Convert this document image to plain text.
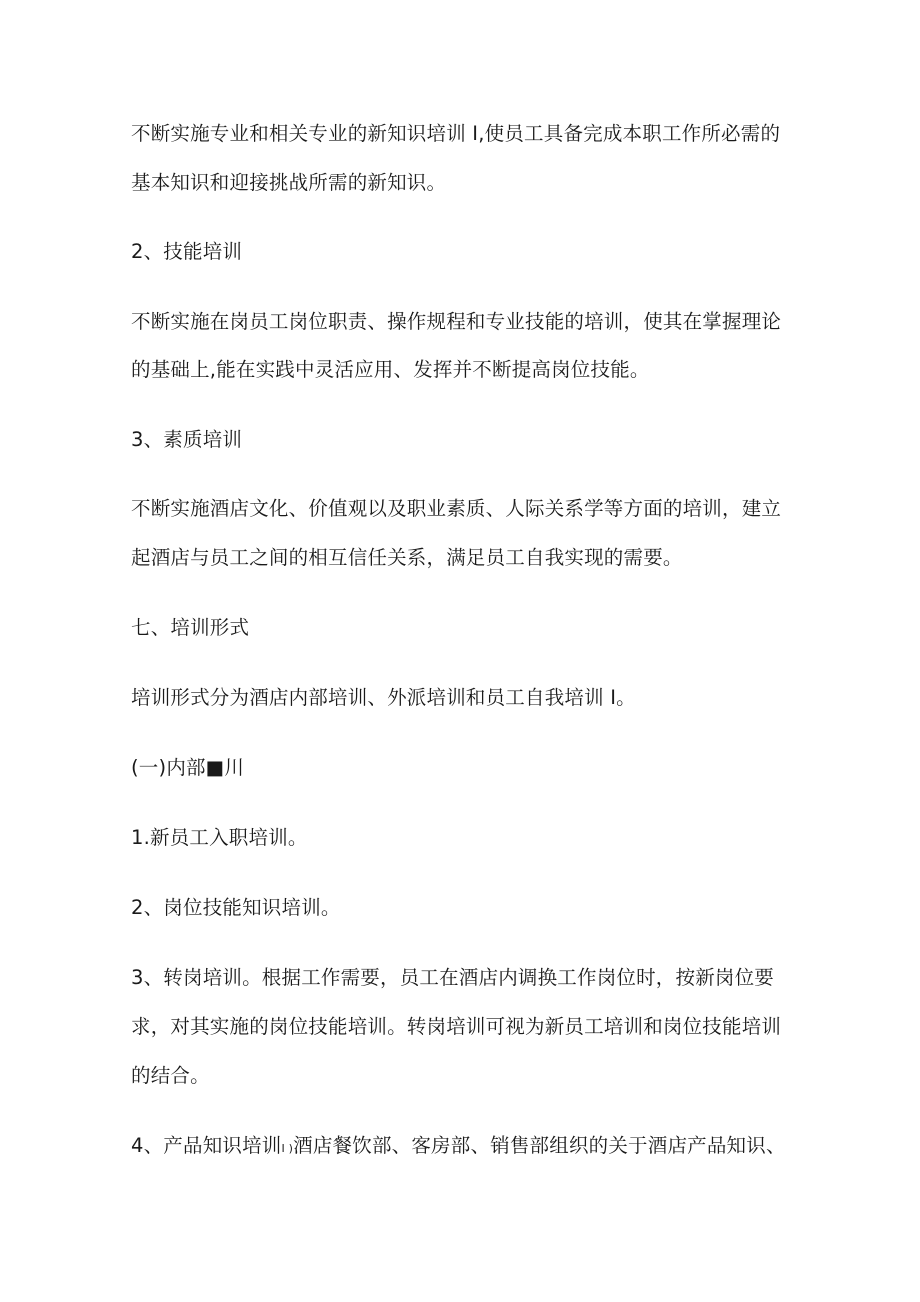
不断实施专业和相关专业的新知识培训 I,使员工具备完成本职工作所必需的
基本知识和迎接挑战所需的新知识。
2、技能培训
不断实施在岗员工岗位职责、操作规程和专业技能的培训，使其在掌握理论
的基础上,能在实践中灵活应用、发挥并不断提高岗位技能。
3、素质培训
不断实施酒店文化、价值观以及职业素质、人际关系学等方面的培训，建立
起酒店与员工之间的相互信任关系，满足员工自我实现的需要。
七、培训形式
培训形式分为酒店内部培训、外派培训和员工自我培训 I。
(一)内部■川
1.新员工入职培训。
2、岗位技能知识培训。
3、转岗培训。根据工作需要，员工在酒店内调换工作岗位时，按新岗位要
求，对其实施的岗位技能培训。转岗培训可视为新员工培训和岗位技能培训
的结合。
4、产品知识培训I )酒店餐饮部、客房部、销售部组织的关于酒店产品知识、
